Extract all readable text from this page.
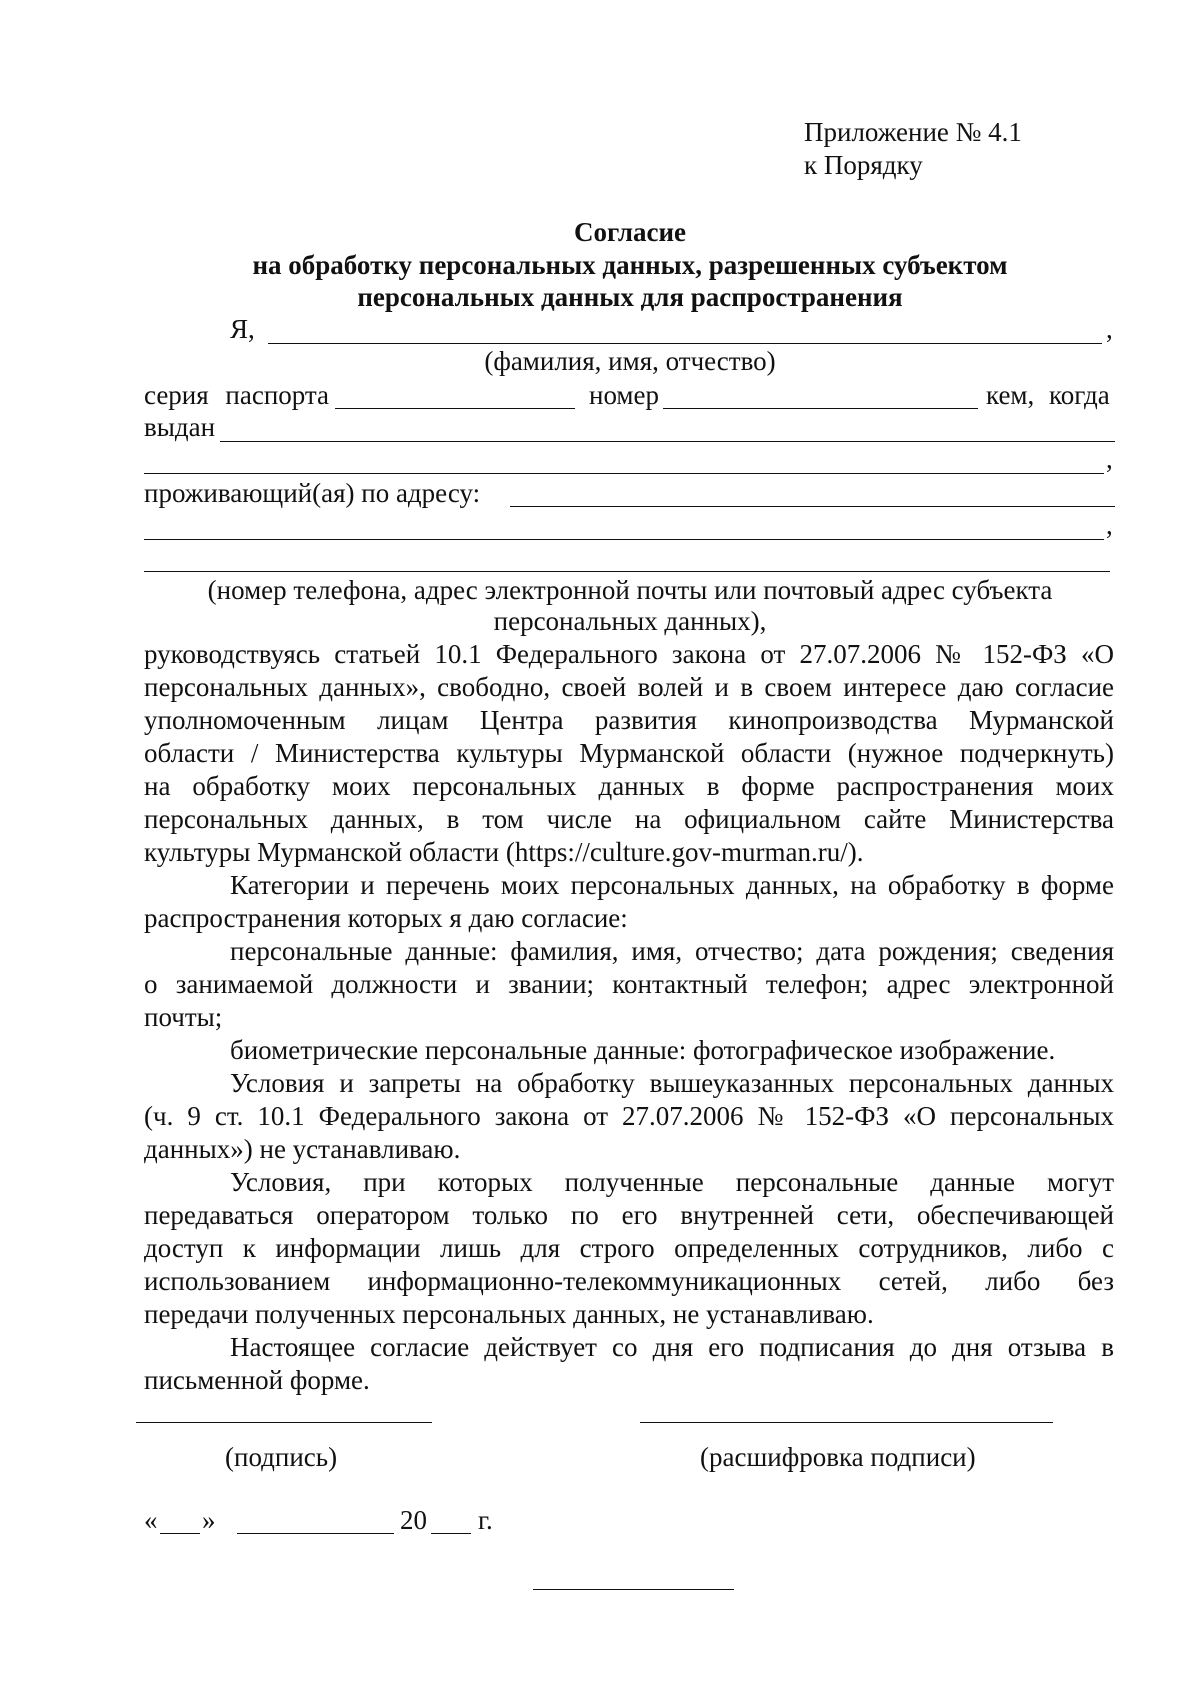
Приложение № 4.1
к Порядку
Согласие
на обработку персональных данных, разрешенных субъектом
персональных данных для распространения
Я,	,
(фамилия, имя, отчество)
серия паспорта	номер	кем, когда
выдан
,
проживающий(ая) по адресу:
,
(номер телефона, адрес электронной почты или почтовый адрес субъекта
персональных данных),
руководствуясь статьей 10.1 Федерального закона от 27.07.2006 № 152-ФЗ «О
персональных данных», свободно, своей волей и в своем интересе даю согласие
уполномоченным лицам Центра развития кинопроизводства Мурманской
области / Министерства культуры Мурманской области (нужное подчеркнуть)
на обработку моих персональных данных в форме распространения моих
персональных данных, в том числе на официальном сайте Министерства
культуры Мурманской области (https://culture.gov-murman.ru/).
Категории и перечень моих персональных данных, на обработку в форме
распространения которых я даю согласие:
персональные данные: фамилия, имя, отчество; дата рождения; сведения
о занимаемой должности и звании; контактный телефон; адрес электронной
почты;
биометрические персональные данные: фотографическое изображение.
Условия и запреты на обработку вышеуказанных персональных данных
(ч. 9 ст. 10.1 Федерального закона от 27.07.2006 № 152-ФЗ «О персональных
данных») не устанавливаю.
Условия, при которых полученные персональные данные могут
передаваться оператором только по его внутренней сети, обеспечивающей
доступ к информации лишь для строго определенных сотрудников, либо с
использованием информационно-телекоммуникационных сетей, либо без
передачи полученных персональных данных, не устанавливаю.
Настоящее согласие действует со дня его подписания до дня отзыва в
письменной форме.
(подпись)	(расшифровка подписи)
« »	20 г.
